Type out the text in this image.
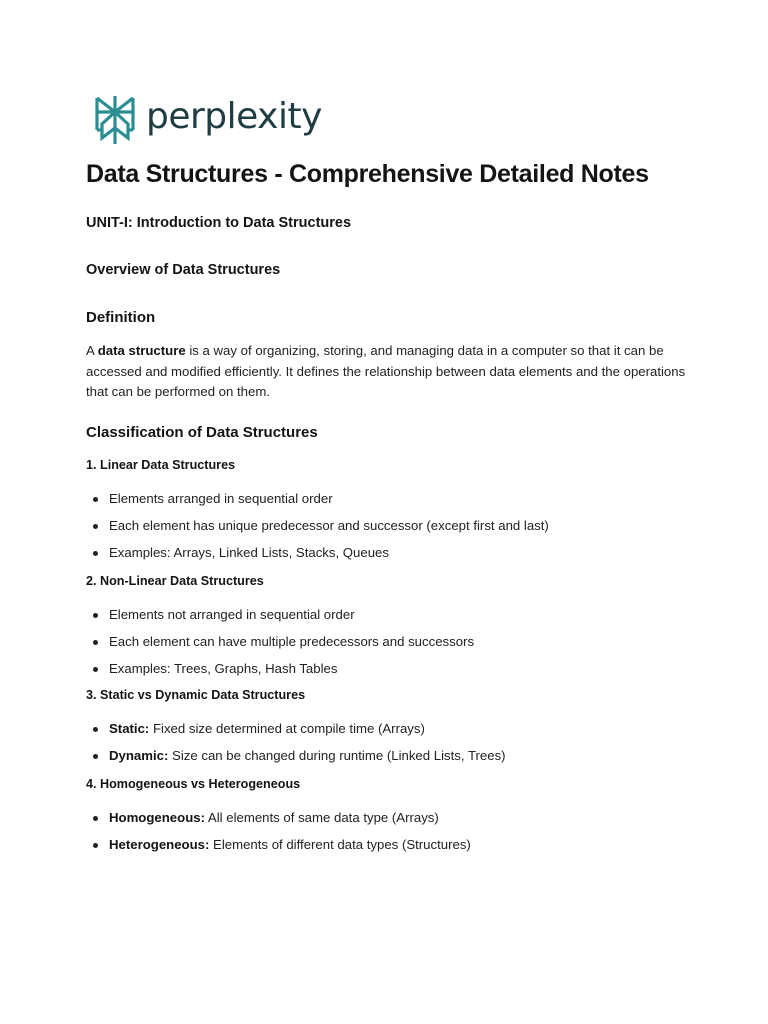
perplexity
Data Structures - Comprehensive Detailed Notes
UNIT-I: Introduction to Data Structures
Overview of Data Structures
Definition

A data structure is a way of organizing, storing, and managing data in a computer so that it can be accessed and modified efficiently. It defines the relationship between data elements and the operations that can be performed on them.

Classification of Data Structures
1. Linear Data Structures
Elements arranged in sequential order
Each element has unique predecessor and successor (except first and last)
Examples: Arrays, Linked Lists, Stacks, Queues
2. Non-Linear Data Structures
Elements not arranged in sequential order
Each element can have multiple predecessors and successors
Examples: Trees, Graphs, Hash Tables
3. Static vs Dynamic Data Structures
Static: Fixed size determined at compile time (Arrays)
Dynamic: Size can be changed during runtime (Linked Lists, Trees)
4. Homogeneous vs Heterogeneous
Homogeneous: All elements of same data type (Arrays)
Heterogeneous: Elements of different data types (Structures)
